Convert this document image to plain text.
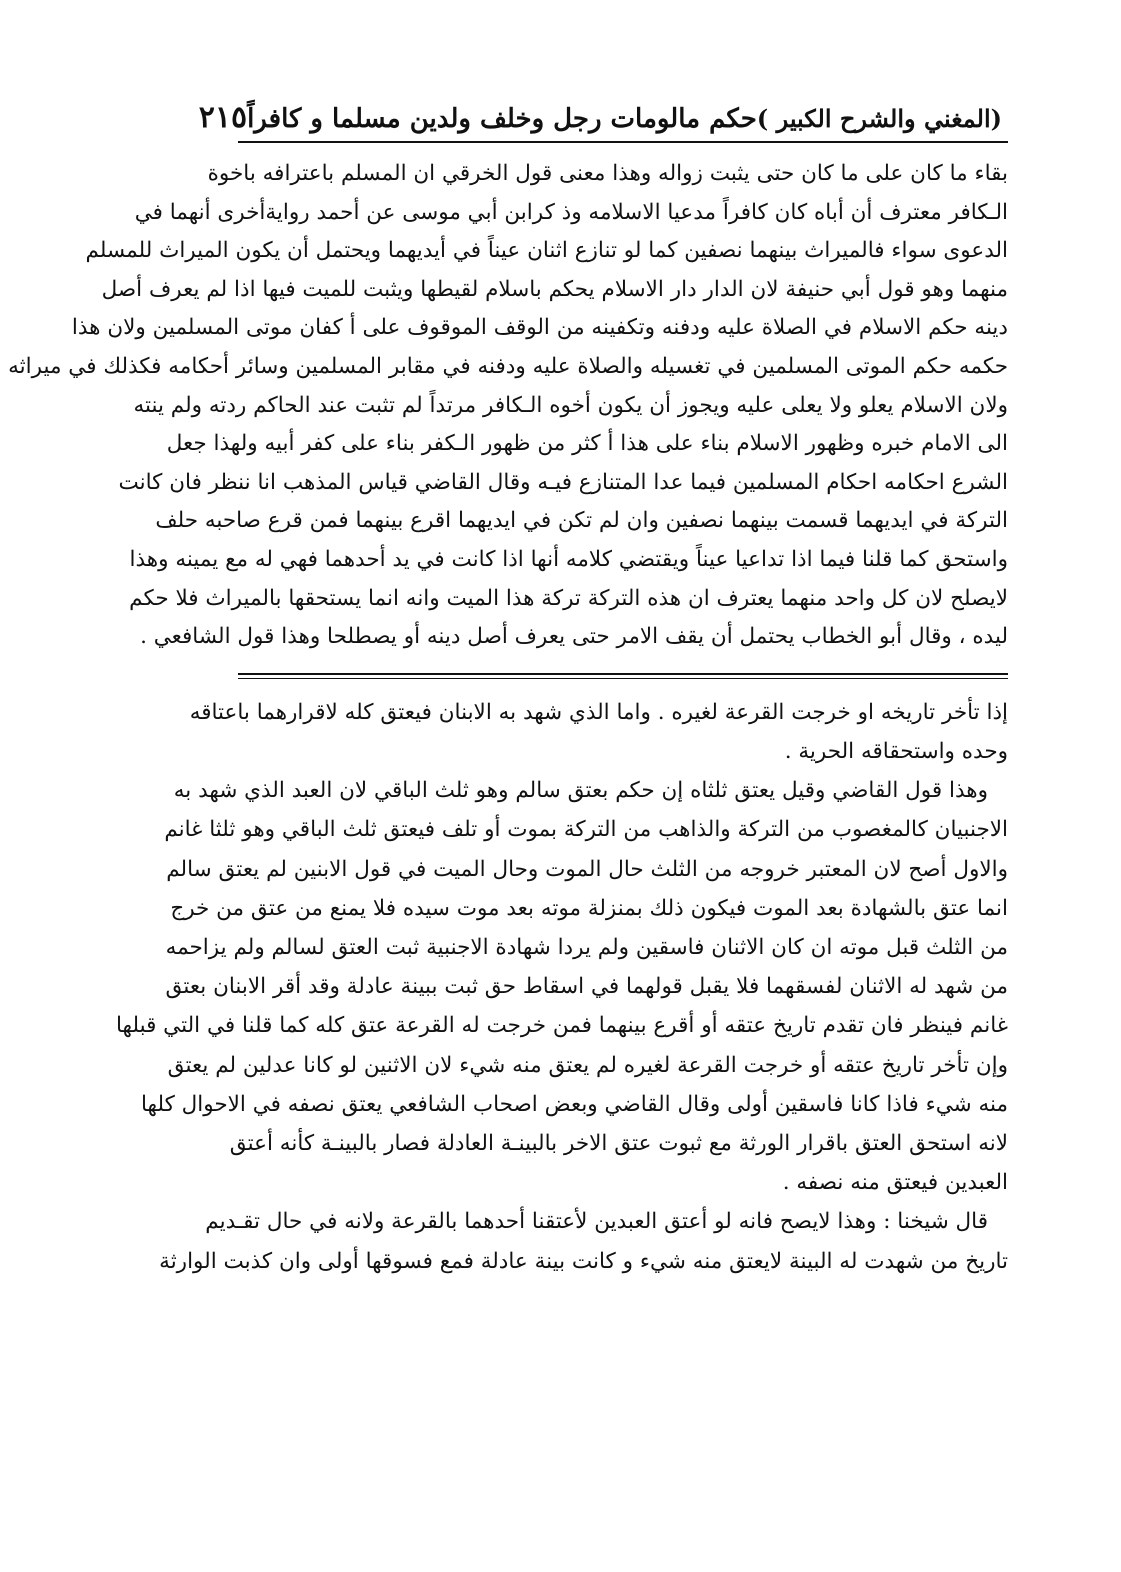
(المغني والشرح الكبير )
حكم مالومات رجل وخلف ولدين مسلما و كافراً
٢١٥

بقاء ما كان على ما كان حتى يثبت زواله وهذا معنى قول الخرقي ان المسلم باعترافه باخوة
الـكافر معترف أن أباه كان كافراً مدعيا الاسلامه وذ كرابن أبي موسى عن أحمد روايةأخرى أنهما في
الدعوى سواء فالميراث بينهما نصفين كما لو تنازع اثنان عيناً في أيديهما ويحتمل أن يكون الميراث للمسلم
منهما وهو قول أبي حنيفة لان الدار دار الاسلام يحكم باسلام لقيطها ويثبت للميت فيها اذا لم يعرف أصل
دينه حكم الاسلام في الصلاة عليه ودفنه وتكفينه من الوقف الموقوف على أ كفان موتى المسلمين ولان هذا
حكمه حكم الموتى المسلمين في تغسيله والصلاة عليه ودفنه في مقابر المسلمين وسائر أحكامه فكذلك في ميراثه
ولان الاسلام يعلو ولا يعلى عليه ويجوز أن يكون أخوه الـكافر مرتداً لم تثبت عند الحاكم ردته ولم ينته
الى الامام خبره وظهور الاسلام بناء على هذا أ كثر من ظهور الـكفر بناء على كفر أبيه ولهذا جعل
الشرع احكامه احكام المسلمين فيما عدا المتنازع فيـه وقال القاضي قياس المذهب انا ننظر فان كانت
التركة في ايديهما قسمت بينهما نصفين وان لم تكن في ايديهما اقرع بينهما فمن قرع صاحبه حلف
واستحق كما قلنا فيما اذا تداعيا عيناً ويقتضي كلامه أنها اذا كانت في يد أحدهما فهي له مع يمينه وهذا
لايصلح لان كل واحد منهما يعترف ان هذه التركة تركة هذا الميت وانه انما يستحقها بالميراث فلا حكم
ليده ، وقال أبو الخطاب يحتمل أن يقف الامر حتى يعرف أصل دينه أو يصطلحا وهذا قول الشافعي .

إذا تأخر تاريخه او خرجت القرعة لغيره . واما الذي شهد به الابنان فيعتق كله لاقرارهما باعتاقه
وحده واستحقاقه الحرية .

وهذا قول القاضي وقيل يعتق ثلثاه إن حكم بعتق سالم وهو ثلث الباقي لان العبد الذي شهد به
الاجنبيان كالمغصوب من التركة والذاهب من التركة بموت أو تلف فيعتق ثلث الباقي وهو ثلثا غانم
والاول أصح لان المعتبر خروجه من الثلث حال الموت وحال الميت في قول الابنين لم يعتق سالم
انما عتق بالشهادة بعد الموت فيكون ذلك بمنزلة موته بعد موت سيده فلا يمنع من عتق من خرج
من الثلث قبل موته ان كان الاثنان فاسقين ولم يردا شهادة الاجنبية ثبت العتق لسالم ولم يزاحمه
من شهد له الاثنان لفسقهما فلا يقبل قولهما في اسقاط حق ثبت ببينة عادلة وقد أقر الابنان بعتق
غانم فينظر فان تقدم تاريخ عتقه أو أقرع بينهما فمن خرجت له القرعة عتق كله كما قلنا في التي قبلها
وإن تأخر تاريخ عتقه أو خرجت القرعة لغيره لم يعتق منه شيء لان الاثنين لو كانا عدلين لم يعتق
منه شيء فاذا كانا فاسقين أولى وقال القاضي وبعض اصحاب الشافعي يعتق نصفه في الاحوال كلها
لانه استحق العتق باقرار الورثة مع ثبوت عتق الاخر بالبينـة العادلة فصار بالبينـة كأنه أعتق
العبدين فيعتق منه نصفه .

قال شيخنا : وهذا لايصح فانه لو أعتق العبدين لأعتقنا أحدهما بالقرعة ولانه في حال تقـديم
تاريخ من شهدت له البينة لايعتق منه شيء و كانت بينة عادلة فمع فسوقها أولى وان كذبت الوارثة
